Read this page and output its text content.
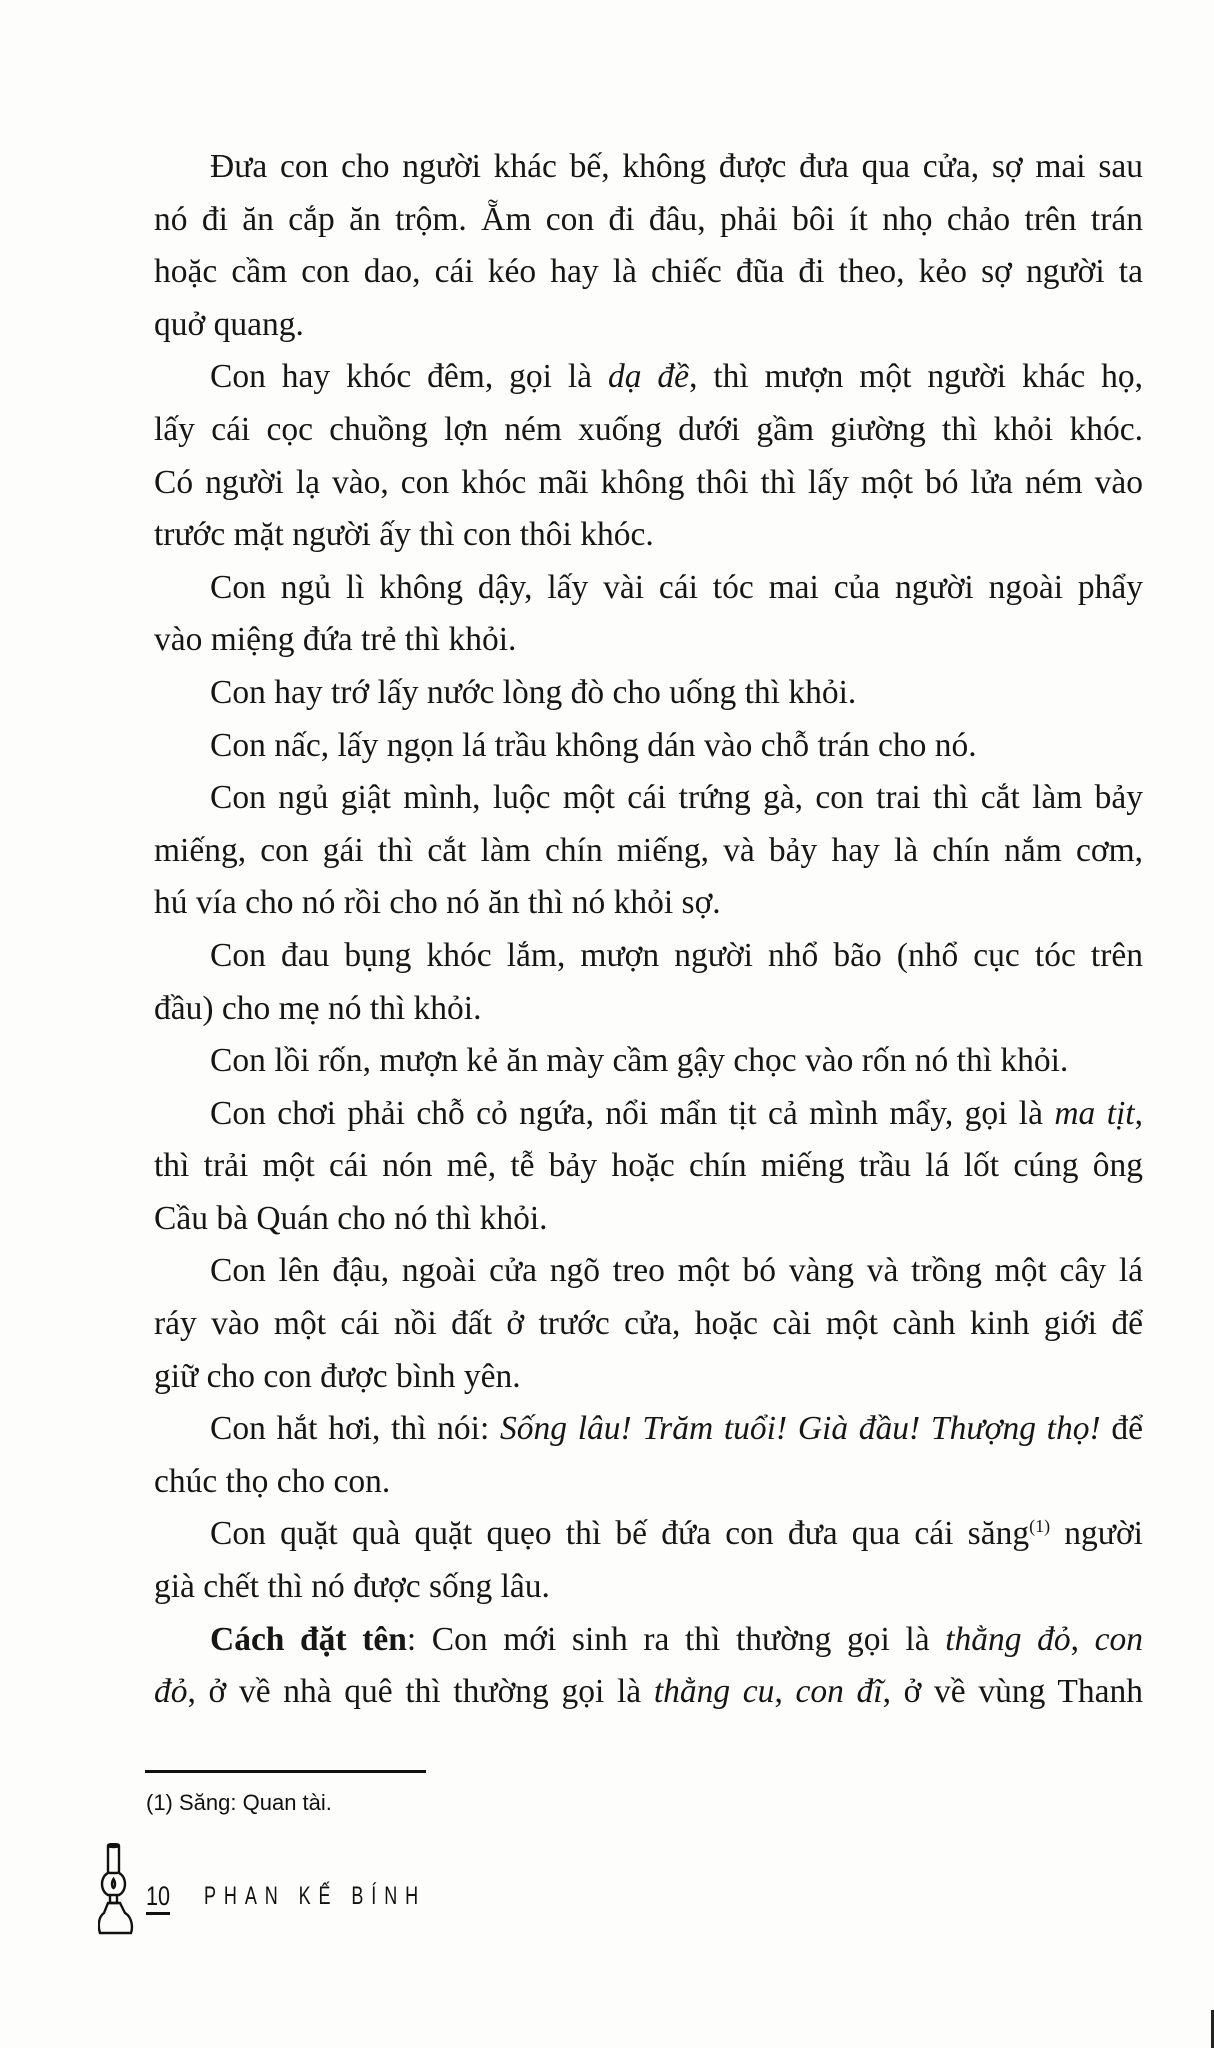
Đưa con cho người khác bế, không được đưa qua cửa, sợ mai sau
nó đi ăn cắp ăn trộm. Ẵm con đi đâu, phải bôi ít nhọ chảo trên trán
hoặc cầm con dao, cái kéo hay là chiếc đũa đi theo, kẻo sợ người ta
quở quang.
Con hay khóc đêm, gọi là dạ đề, thì mượn một người khác họ,
lấy cái cọc chuồng lợn ném xuống dưới gầm giường thì khỏi khóc.
Có người lạ vào, con khóc mãi không thôi thì lấy một bó lửa ném vào
trước mặt người ấy thì con thôi khóc.
Con ngủ lì không dậy, lấy vài cái tóc mai của người ngoài phẩy
vào miệng đứa trẻ thì khỏi.
Con hay trớ lấy nước lòng đò cho uống thì khỏi.
Con nấc, lấy ngọn lá trầu không dán vào chỗ trán cho nó.
Con ngủ giật mình, luộc một cái trứng gà, con trai thì cắt làm bảy
miếng, con gái thì cắt làm chín miếng, và bảy hay là chín nắm cơm,
hú vía cho nó rồi cho nó ăn thì nó khỏi sợ.
Con đau bụng khóc lắm, mượn người nhổ bão (nhổ cục tóc trên
đầu) cho mẹ nó thì khỏi.
Con lồi rốn, mượn kẻ ăn mày cầm gậy chọc vào rốn nó thì khỏi.
Con chơi phải chỗ cỏ ngứa, nổi mẩn tịt cả mình mẩy, gọi là ma tịt,
thì trải một cái nón mê, tễ bảy hoặc chín miếng trầu lá lốt cúng ông
Cầu bà Quán cho nó thì khỏi.
Con lên đậu, ngoài cửa ngõ treo một bó vàng và trồng một cây lá
ráy vào một cái nồi đất ở trước cửa, hoặc cài một cành kinh giới để
giữ cho con được bình yên.
Con hắt hơi, thì nói: Sống lâu! Trăm tuổi! Già đầu! Thượng thọ! để
chúc thọ cho con.
Con quặt quà quặt quẹo thì bế đứa con đưa qua cái săng$^{(1)}$ người
già chết thì nó được sống lâu.
Cách đặt tên: Con mới sinh ra thì thường gọi là thằng đỏ, con
đỏ, ở về nhà quê thì thường gọi là thằng cu, con đĩ, ở về vùng Thanh
(1) Săng: Quan tài.
10 PHAN KẾ BÍNH
